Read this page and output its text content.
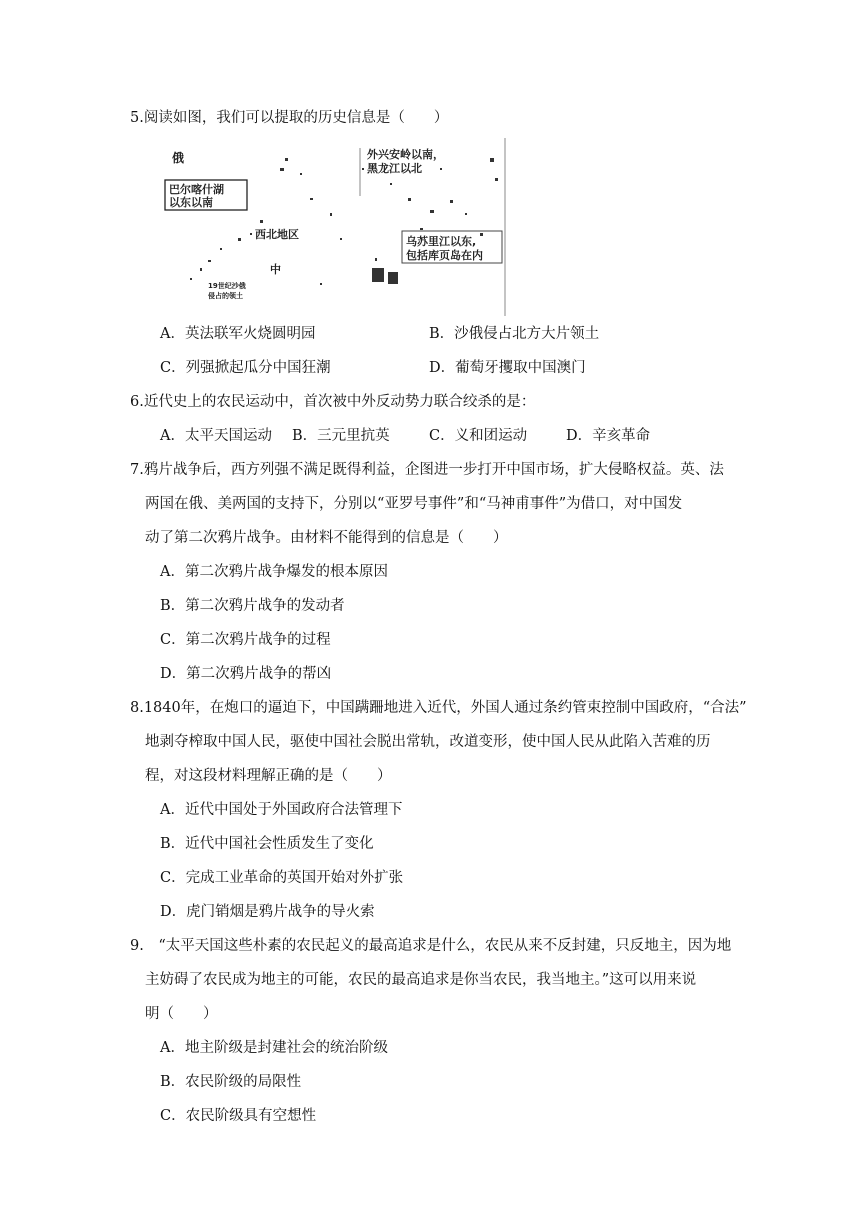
5.阅读如图，我们可以提取的历史信息是（　　）
俄
巴尔喀什湖
以东以南
外兴安岭以南，
黑龙江以北
西北地区
乌苏里江以东,
包括库页岛在内
中
19世纪沙俄
侵占的领土
A．英法联军火烧圆明园	B．沙俄侵占北方大片领土
C．列强掀起瓜分中国狂潮	D．葡萄牙攫取中国澳门
6.近代史上的农民运动中，首次被中外反动势力联合绞杀的是：
A．太平天国运动 B．三元里抗英	C．义和团运动	D．辛亥革命
7.鸦片战争后，西方列强不满足既得利益，企图进一步打开中国市场，扩大侵略权益。英、法
两国在俄、美两国的支持下，分别以“亚罗号事件”和“马神甫事件”为借口，对中国发
动了第二次鸦片战争。由材料不能得到的信息是（　　）
A．第二次鸦片战争爆发的根本原因
B．第二次鸦片战争的发动者
C．第二次鸦片战争的过程
D．第二次鸦片战争的帮凶
8.1840年，在炮口的逼迫下，中国蹒跚地进入近代，外国人通过条约管束控制中国政府，“合法”
地剥夺榨取中国人民，驱使中国社会脱出常轨，改道变形，使中国人民从此陷入苦难的历
程，对这段材料理解正确的是（　　）
A．近代中国处于外国政府合法管理下
B．近代中国社会性质发生了变化
C．完成工业革命的英国开始对外扩张
D．虎门销烟是鸦片战争的导火索
9.　“太平天国这些朴素的农民起义的最高追求是什么，农民从来不反封建，只反地主，因为地
主妨碍了农民成为地主的可能，农民的最高追求是你当农民，我当地主。”这可以用来说
明（　　）
A．地主阶级是封建社会的统治阶级
B．农民阶级的局限性
C．农民阶级具有空想性
